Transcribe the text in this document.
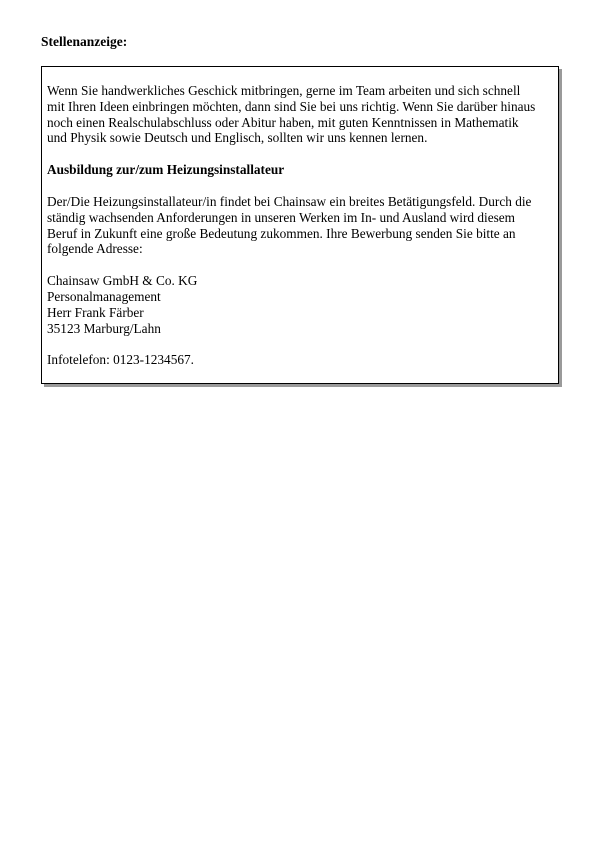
Stellenanzeige:

Wenn Sie handwerkliches Geschick mitbringen, gerne im Team arbeiten und sich schnell
mit Ihren Ideen einbringen möchten, dann sind Sie bei uns richtig. Wenn Sie darüber hinaus
noch einen Realschulabschluss oder Abitur haben, mit guten Kenntnissen in Mathematik
und Physik sowie Deutsch und Englisch, sollten wir uns kennen lernen.

Ausbildung zur/zum Heizungsinstallateur

Der/Die Heizungsinstallateur/in findet bei Chainsaw ein breites Betätigungsfeld. Durch die
ständig wachsenden Anforderungen in unseren Werken im In- und Ausland wird diesem
Beruf in Zukunft eine große Bedeutung zukommen. Ihre Bewerbung senden Sie bitte an
folgende Adresse:

Chainsaw GmbH & Co. KG
Personalmanagement
Herr Frank Färber
35123 Marburg/Lahn

Infotelefon: 0123-1234567.
